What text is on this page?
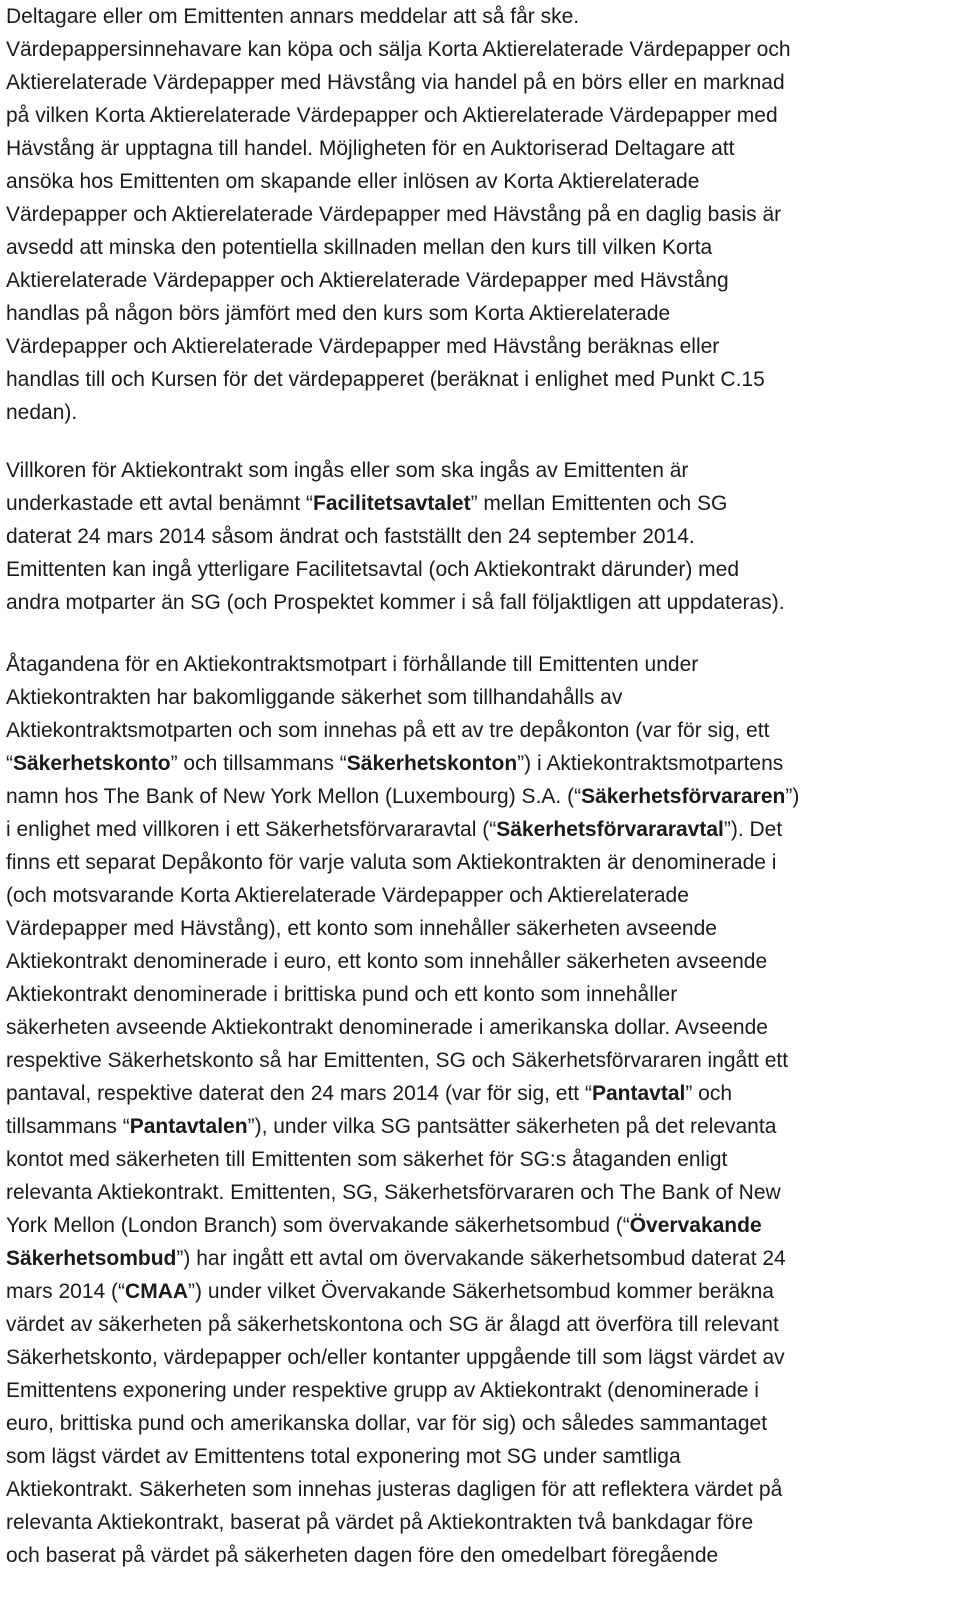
Deltagare eller om Emittenten annars meddelar att så får ske.
Värdepappersinnehavare kan köpa och sälja Korta Aktierelaterade Värdepapper och
Aktierelaterade Värdepapper med Hävstång via handel på en börs eller en marknad
på vilken Korta Aktierelaterade Värdepapper och Aktierelaterade Värdepapper med
Hävstång är upptagna till handel. Möjligheten för en Auktoriserad Deltagare att
ansöka hos Emittenten om skapande eller inlösen av Korta Aktierelaterade
Värdepapper och Aktierelaterade Värdepapper med Hävstång på en daglig basis är
avsedd att minska den potentiella skillnaden mellan den kurs till vilken Korta
Aktierelaterade Värdepapper och Aktierelaterade Värdepapper med Hävstång
handlas på någon börs jämfört med den kurs som Korta Aktierelaterade
Värdepapper och Aktierelaterade Värdepapper med Hävstång beräknas eller
handlas till och Kursen för det värdepapperet (beräknat i enlighet med Punkt C.15
nedan).
Villkoren för Aktiekontrakt som ingås eller som ska ingås av Emittenten är
underkastade ett avtal benämnt “Facilitetsavtalet” mellan Emittenten och SG
daterat 24 mars 2014 såsom ändrat och fastställt den 24 september 2014.
Emittenten kan ingå ytterligare Facilitetsavtal (och Aktiekontrakt därunder) med
andra motparter än SG (och Prospektet kommer i så fall följaktligen att uppdateras).
Åtagandena för en Aktiekontraktsmotpart i förhållande till Emittenten under
Aktiekontrakten har bakomliggande säkerhet som tillhandahålls av
Aktiekontraktsmotparten och som innehas på ett av tre depåkonton (var för sig, ett
“Säkerhetskonto” och tillsammans “Säkerhetskonton”) i Aktiekontraktsmotpartens
namn hos The Bank of New York Mellon (Luxembourg) S.A. (“Säkerhetsförvararen”)
i enlighet med villkoren i ett Säkerhetsförvararavtal (“Säkerhetsförvararavtal”). Det
finns ett separat Depåkonto för varje valuta som Aktiekontrakten är denominerade i
(och motsvarande Korta Aktierelaterade Värdepapper och Aktierelaterade
Värdepapper med Hävstång), ett konto som innehåller säkerheten avseende
Aktiekontrakt denominerade i euro, ett konto som innehåller säkerheten avseende
Aktiekontrakt denominerade i brittiska pund och ett konto som innehåller
säkerheten avseende Aktiekontrakt denominerade i amerikanska dollar. Avseende
respektive Säkerhetskonto så har Emittenten, SG och Säkerhetsförvararen ingått ett
pantaval, respektive daterat den 24 mars 2014 (var för sig, ett “Pantavtal” och
tillsammans “Pantavtalen”), under vilka SG pantsätter säkerheten på det relevanta
kontot med säkerheten till Emittenten som säkerhet för SG:s åtaganden enligt
relevanta Aktiekontrakt. Emittenten, SG, Säkerhetsförvararen och The Bank of New
York Mellon (London Branch) som övervakande säkerhetsombud (“Övervakande
Säkerhetsombud”) har ingått ett avtal om övervakande säkerhetsombud daterat 24
mars 2014 (“CMAA”) under vilket Övervakande Säkerhetsombud kommer beräkna
värdet av säkerheten på säkerhetskontona och SG är ålagd att överföra till relevant
Säkerhetskonto, värdepapper och/eller kontanter uppgående till som lägst värdet av
Emittentens exponering under respektive grupp av Aktiekontrakt (denominerade i
euro, brittiska pund och amerikanska dollar, var för sig) och således sammantaget
som lägst värdet av Emittentens total exponering mot SG under samtliga
Aktiekontrakt. Säkerheten som innehas justeras dagligen för att reflektera värdet på
relevanta Aktiekontrakt, baserat på värdet på Aktiekontrakten två bankdagar före
och baserat på värdet på säkerheten dagen före den omedelbart föregående
